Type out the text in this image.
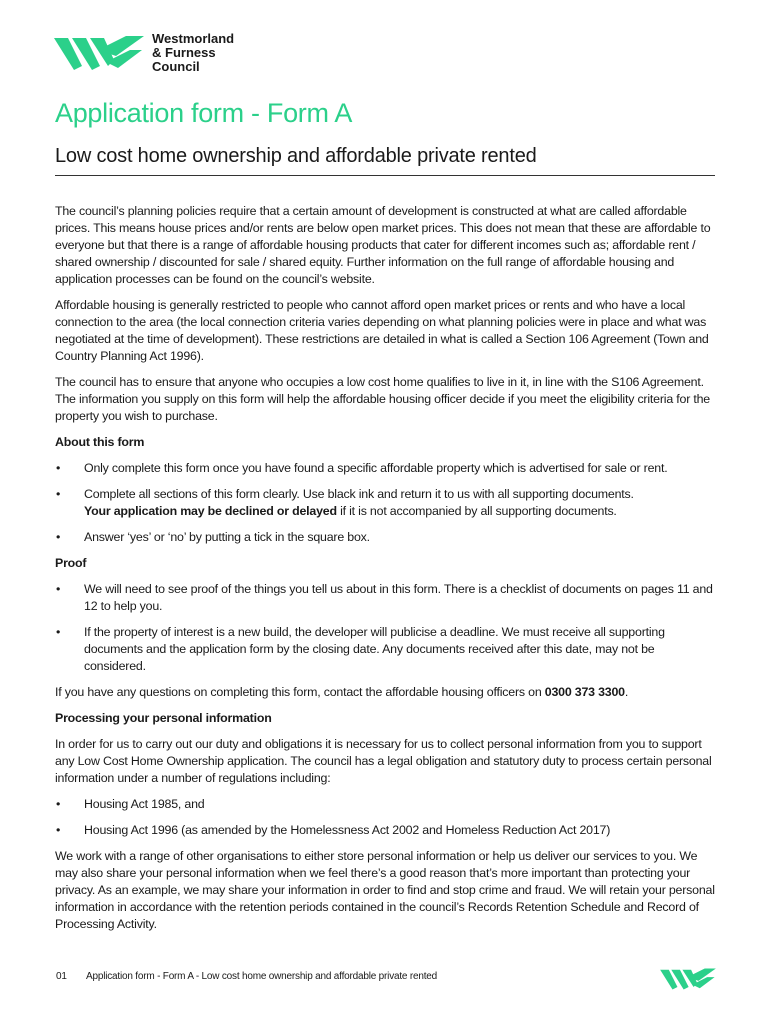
Westmorland
& Furness
Council
Application form - Form A
Low cost home ownership and affordable private rented

The council’s planning policies require that a certain amount of development is constructed at what are called affordable prices. This means house prices and/or rents are below open market prices. This does not mean that these are affordable to everyone but that there is a range of affordable housing products that cater for different incomes such as; affordable rent / shared ownership / discounted for sale / shared equity. Further information on the full range of affordable housing and application processes can be found on the council’s website.

Affordable housing is generally restricted to people who cannot afford open market prices or rents and who have a local connection to the area (the local connection criteria varies depending on what planning policies were in place and what was negotiated at the time of development). These restrictions are detailed in what is called a Section 106 Agreement (Town and Country Planning Act 1996).

The council has to ensure that anyone who occupies a low cost home qualifies to live in it, in line with the S106 Agreement. The information you supply on this form will help the affordable housing officer decide if you meet the eligibility criteria for the property you wish to purchase.

About this form
• Only complete this form once you have found a specific affordable property which is advertised for sale or rent.
• Complete all sections of this form clearly. Use black ink and return it to us with all supporting documents.
Your application may be declined or delayed if it is not accompanied by all supporting documents.
• Answer ‘yes’ or ‘no’ by putting a tick in the square box.
Proof
• We will need to see proof of the things you tell us about in this form. There is a checklist of documents on pages 11 and 12 to help you.
• If the property of interest is a new build, the developer will publicise a deadline. We must receive all supporting documents and the application form by the closing date. Any documents received after this date, may not be considered.

If you have any questions on completing this form, contact the affordable housing officers on 0300 373 3300.

Processing your personal information

In order for us to carry out our duty and obligations it is necessary for us to collect personal information from you to support any Low Cost Home Ownership application. The council has a legal obligation and statutory duty to process certain personal information under a number of regulations including:

• Housing Act 1985, and
• Housing Act 1996 (as amended by the Homelessness Act 2002 and Homeless Reduction Act 2017)

We work with a range of other organisations to either store personal information or help us deliver our services to you. We may also share your personal information when we feel there’s a good reason that’s more important than protecting your privacy. As an example, we may share your information in order to find and stop crime and fraud. We will retain your personal information in accordance with the retention periods contained in the council’s Records Retention Schedule and Record of Processing Activity.

01 Application form - Form A - Low cost home ownership and affordable private rented
